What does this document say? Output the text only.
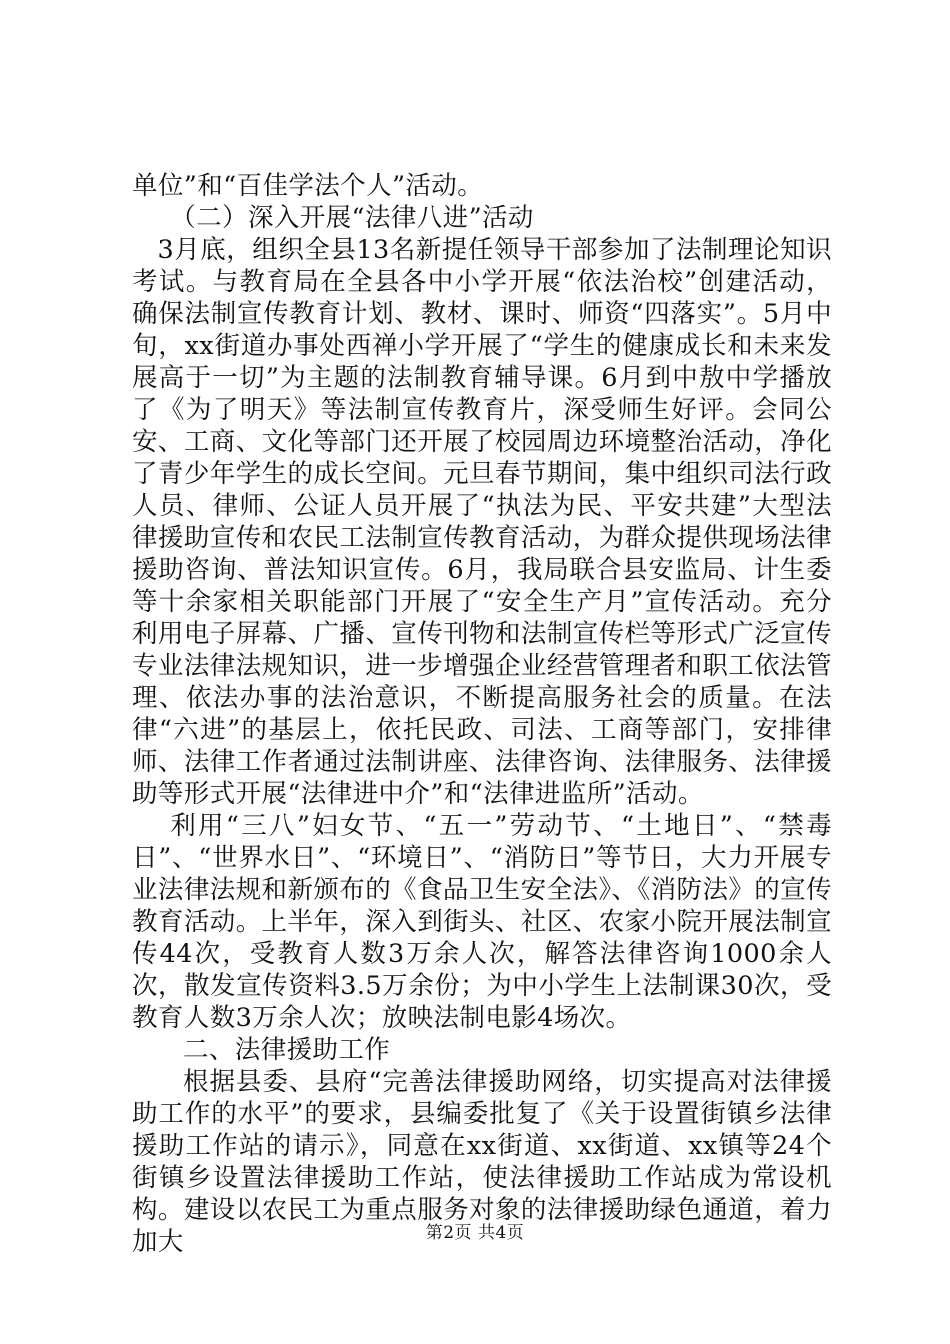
单位”和“百佳学法个人”活动。

（二）深入开展“法律八进”活动

3月底，组织全县13名新提任领导干部参加了法制理论知识考试。与教育局在全县各中小学开展“依法治校”创建活动，确保法制宣传教育计划、教材、课时、师资“四落实”。5月中旬，xx街道办事处西禅小学开展了“学生的健康成长和未来发展高于一切”为主题的法制教育辅导课。6月到中敖中学播放了《为了明天》等法制宣传教育片，深受师生好评。会同公安、工商、文化等部门还开展了校园周边环境整治活动，净化了青少年学生的成长空间。元旦春节期间，集中组织司法行政人员、律师、公证人员开展了“执法为民、平安共建”大型法律援助宣传和农民工法制宣传教育活动，为群众提供现场法律援助咨询、普法知识宣传。6月，我局联合县安监局、计生委等十余家相关职能部门开展了“安全生产月”宣传活动。充分利用电子屏幕、广播、宣传刊物和法制宣传栏等形式广泛宣传专业法律法规知识，进一步增强企业经营管理者和职工依法管理、依法办事的法治意识，不断提高服务社会的质量。在法律“六进”的基层上，依托民政、司法、工商等部门，安排律师、法律工作者通过法制讲座、法律咨询、法律服务、法律援助等形式开展“法律进中介”和“法律进监所”活动。

利用“三八”妇女节、“五一”劳动节、“土地日”、“禁毒日”、“世界水日”、“环境日”、“消防日”等节日，大力开展专业法律法规和新颁布的《食品卫生安全法》、《消防法》的宣传教育活动。上半年，深入到街头、社区、农家小院开展法制宣传44次，受教育人数3万余人次，解答法律咨询1000余人次，散发宣传资料3.5万余份；为中小学生上法制课30次，受教育人数3万余人次；放映法制电影4场次。

二、法律援助工作

根据县委、县府“完善法律援助网络，切实提高对法律援助工作的水平”的要求，县编委批复了《关于设置街镇乡法律援助工作站的请示》，同意在xx街道、xx街道、xx镇等24个街镇乡设置法律援助工作站，使法律援助工作站成为常设机构。建设以农民工为重点服务对象的法律援助绿色通道，着力加大	第2页 共4页
